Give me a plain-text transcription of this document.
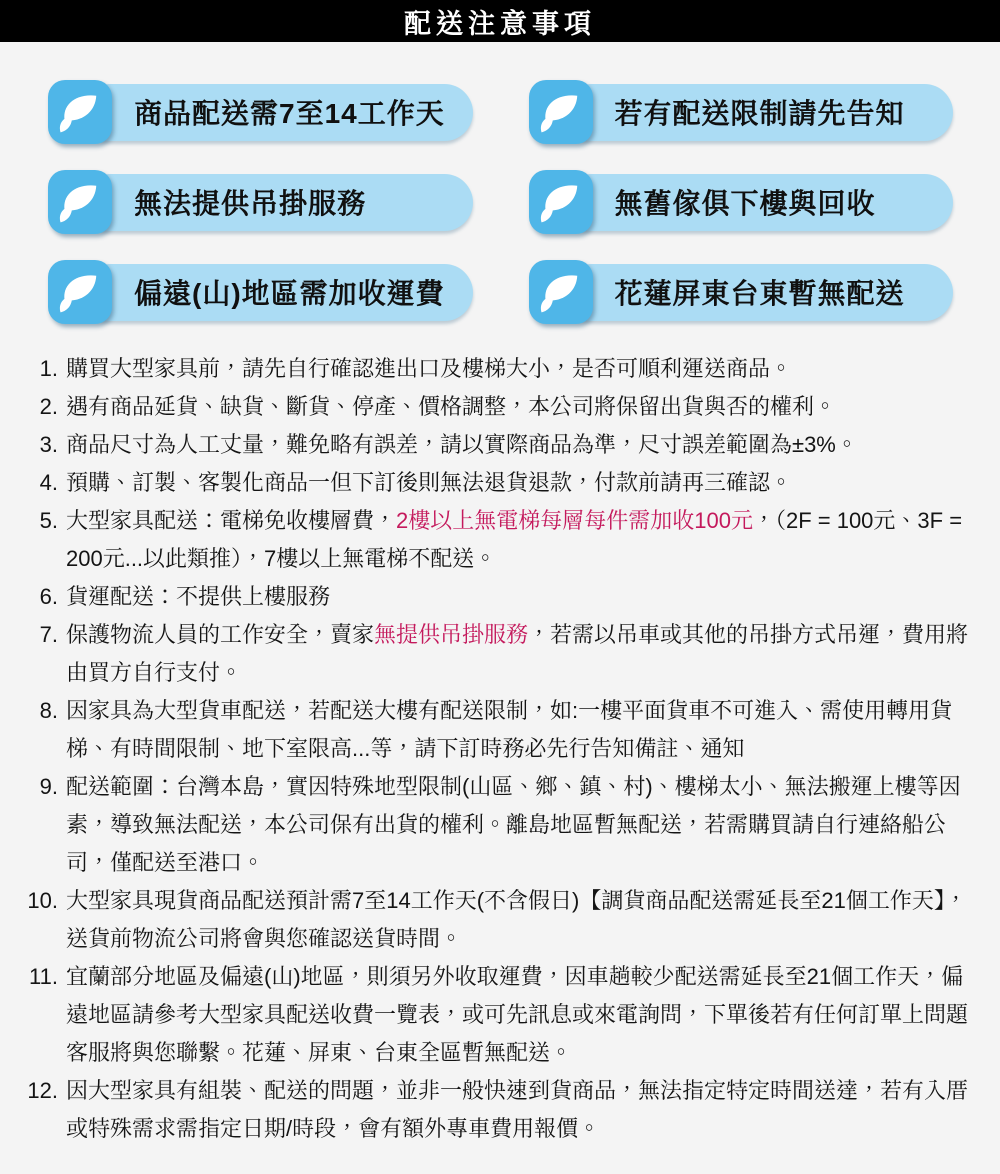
配送注意事項
商品配送需7至14工作天	若有配送限制請先告知
無法提供吊掛服務	無舊傢俱下樓與回收
偏遠(山)地區需加收運費	花蓮屏東台東暫無配送
1. 購買大型家具前，請先自行確認進出口及樓梯大小，是否可順利運送商品。
2. 遇有商品延貨、缺貨、斷貨、停產、價格調整，本公司將保留出貨與否的權利。
3. 商品尺寸為人工丈量，難免略有誤差，請以實際商品為準，尺寸誤差範圍為±3%。
4. 預購、訂製、客製化商品一但下訂後則無法退貨退款，付款前請再三確認。
5. 大型家具配送：電梯免收樓層費，2樓以上無電梯每層每件需加收100元，（2F = 100元、3F = 200元...以此類推），7樓以上無電梯不配送。
6. 貨運配送：不提供上樓服務
7. 保護物流人員的工作安全，賣家無提供吊掛服務，若需以吊車或其他的吊掛方式吊運，費用將由買方自行支付。
8. 因家具為大型貨車配送，若配送大樓有配送限制，如:一樓平面貨車不可進入、需使用轉用貨梯、有時間限制、地下室限高...等，請下訂時務必先行告知備註、通知
9. 配送範圍：台灣本島，實因特殊地型限制(山區、鄉、鎮、村)、樓梯太小、無法搬運上樓等因素，導致無法配送，本公司保有出貨的權利。離島地區暫無配送，若需購買請自行連絡船公司，僅配送至港口。
10. 大型家具現貨商品配送預計需7至14工作天(不含假日)【調貨商品配送需延長至21個工作天】，送貨前物流公司將會與您確認送貨時間。
11. 宜蘭部分地區及偏遠(山)地區，則須另外收取運費，因車趟較少配送需延長至21個工作天，偏遠地區請參考大型家具配送收費一覽表，或可先訊息或來電詢問，下單後若有任何訂單上問題客服將與您聯繫。花蓮、屏東、台東全區暫無配送。
12. 因大型家具有組裝、配送的問題，並非一般快速到貨商品，無法指定特定時間送達，若有入厝或特殊需求需指定日期/時段，會有額外專車費用報價。
